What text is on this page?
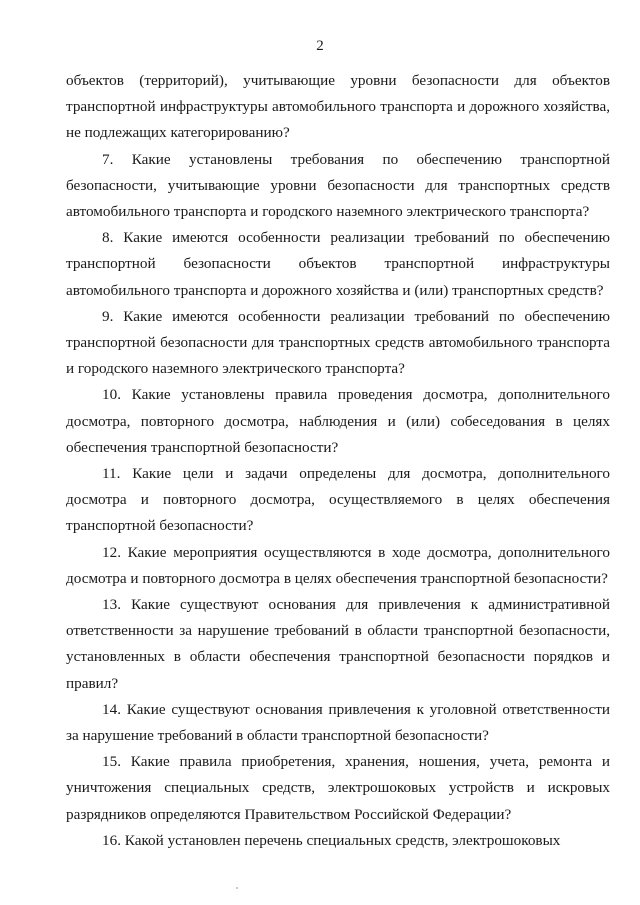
2

объектов (территорий), учитывающие уровни безопасности для объектов транспортной инфраструктуры автомобильного транспорта и дорожного хозяйства, не подлежащих категорированию?

7. Какие установлены требования по обеспечению транспортной безопасности, учитывающие уровни безопасности для транспортных средств автомобильного транспорта и городского наземного электрического транспорта?

8. Какие имеются особенности реализации требований по обеспечению транспортной безопасности объектов транспортной инфраструктуры автомобильного транспорта и дорожного хозяйства и (или) транспортных средств?

9. Какие имеются особенности реализации требований по обеспечению транспортной безопасности для транспортных средств автомобильного транспорта и городского наземного электрического транспорта?

10. Какие установлены правила проведения досмотра, дополнительного досмотра, повторного досмотра, наблюдения и (или) собеседования в целях обеспечения транспортной безопасности?

11. Какие цели и задачи определены для досмотра, дополнительного досмотра и повторного досмотра, осуществляемого в целях обеспечения транспортной безопасности?

12. Какие мероприятия осуществляются в ходе досмотра, дополнительного досмотра и повторного досмотра в целях обеспечения транспортной безопасности?

13. Какие существуют основания для привлечения к административной ответственности за нарушение требований в области транспортной безопасности, установленных в области обеспечения транспортной безопасности порядков и правил?

14. Какие существуют основания привлечения к уголовной ответственности за нарушение требований в области транспортной безопасности?

15. Какие правила приобретения, хранения, ношения, учета, ремонта и уничтожения специальных средств, электрошоковых устройств и искровых разрядников определяются Правительством Российской Федерации?

16. Какой установлен перечень специальных средств, электрошоковых
